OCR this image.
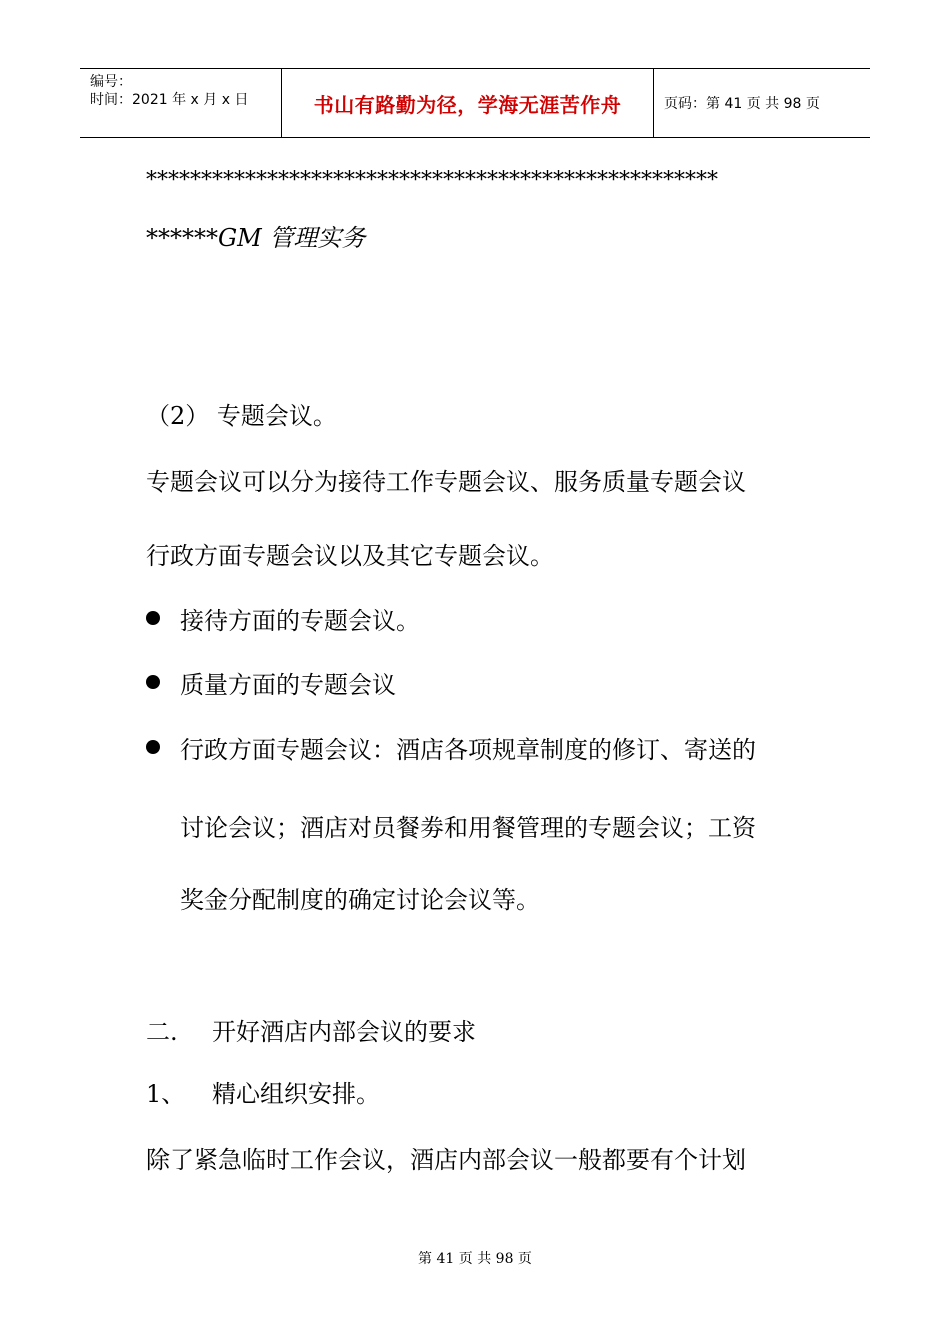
编号：
时间：2021 年 x 月 x 日	书山有路勤为径，学海无涯苦作舟	页码：第 41 页 共 98 页
****************************************************
******GM 管理实务
（2） 专题会议。
专题会议可以分为接待工作专题会议、服务质量专题会议
行政方面专题会议以及其它专题会议。
接待方面的专题会议。
质量方面的专题会议
行政方面专题会议：酒店各项规章制度的修订、寄送的
讨论会议；酒店对员餐劵和用餐管理的专题会议；工资
奖金分配制度的确定讨论会议等。
二. 开好酒店内部会议的要求
1、 精心组织安排。
除了紧急临时工作会议，酒店内部会议一般都要有个计划
第 41 页 共 98 页
